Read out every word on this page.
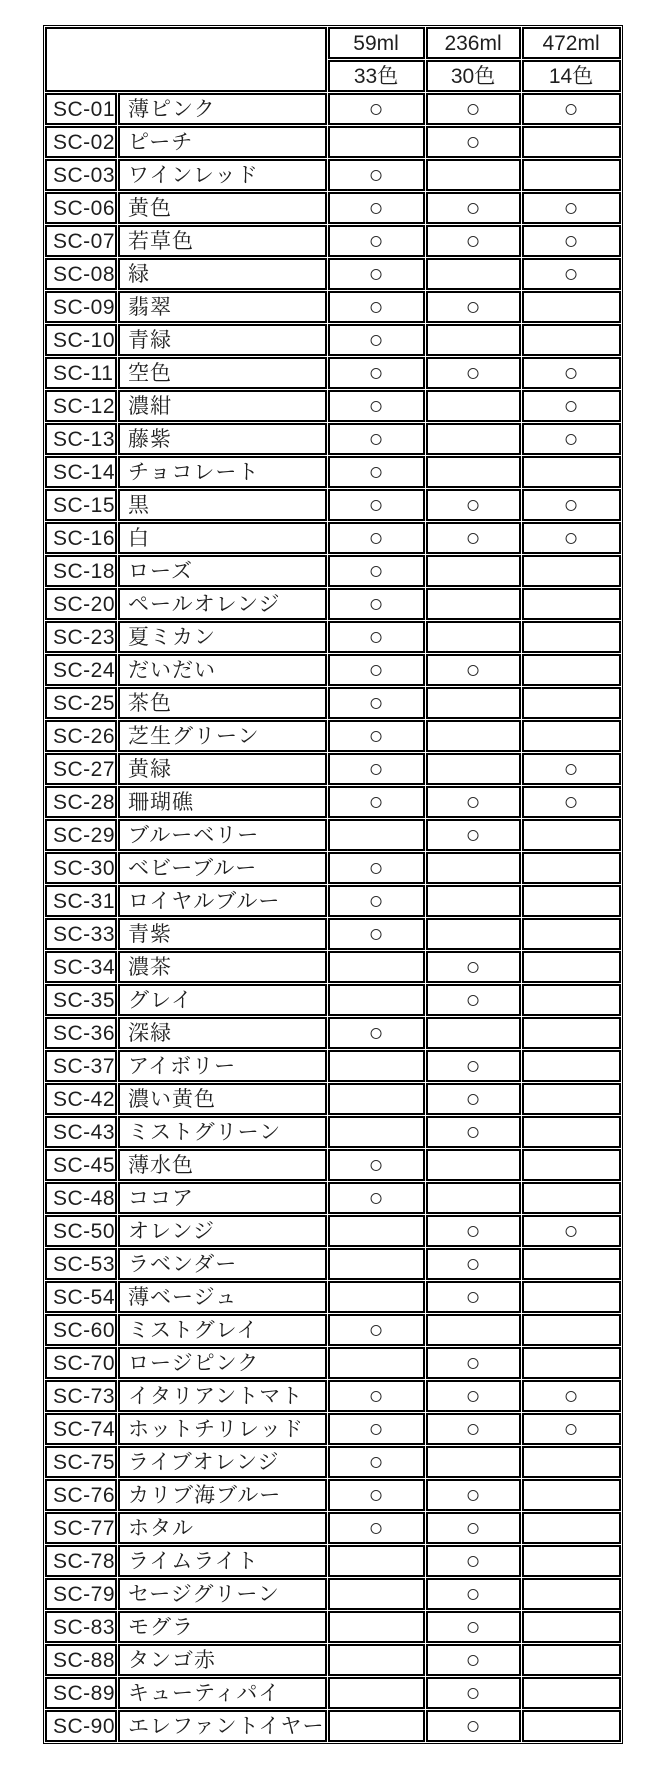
		59ml	236ml	472ml
		33色	30色	14色
SC-01	薄ピンク	○	○	○
SC-02	ピーチ		○	
SC-03	ワインレッド	○		
SC-06	黄色	○	○	○
SC-07	若草色	○	○	○
SC-08	緑	○		○
SC-09	翡翠	○	○	
SC-10	青緑	○		
SC-11	空色	○	○	○
SC-12	濃紺	○		○
SC-13	藤紫	○		○
SC-14	チョコレート	○		
SC-15	黒	○	○	○
SC-16	白	○	○	○
SC-18	ローズ	○		
SC-20	ペールオレンジ	○		
SC-23	夏ミカン	○		
SC-24	だいだい	○	○	
SC-25	茶色	○		
SC-26	芝生グリーン	○		
SC-27	黄緑	○		○
SC-28	珊瑚礁	○	○	○
SC-29	ブルーベリー		○	
SC-30	ベビーブルー	○		
SC-31	ロイヤルブルー	○		
SC-33	青紫	○		
SC-34	濃茶		○	
SC-35	グレイ		○	
SC-36	深緑	○		
SC-37	アイボリー		○	
SC-42	濃い黄色		○	
SC-43	ミストグリーン		○	
SC-45	薄水色	○		
SC-48	ココア	○		
SC-50	オレンジ		○	○
SC-53	ラベンダー		○	
SC-54	薄ベージュ		○	
SC-60	ミストグレイ	○		
SC-70	ロージピンク		○	
SC-73	イタリアントマト	○	○	○
SC-74	ホットチリレッド	○	○	○
SC-75	ライブオレンジ	○		
SC-76	カリブ海ブルー	○	○	
SC-77	ホタル	○	○	
SC-78	ライムライト		○	
SC-79	セージグリーン		○	
SC-83	モグラ		○	
SC-88	タンゴ赤		○	
SC-89	キューティパイ		○	
SC-90	エレファントイヤー		○	
